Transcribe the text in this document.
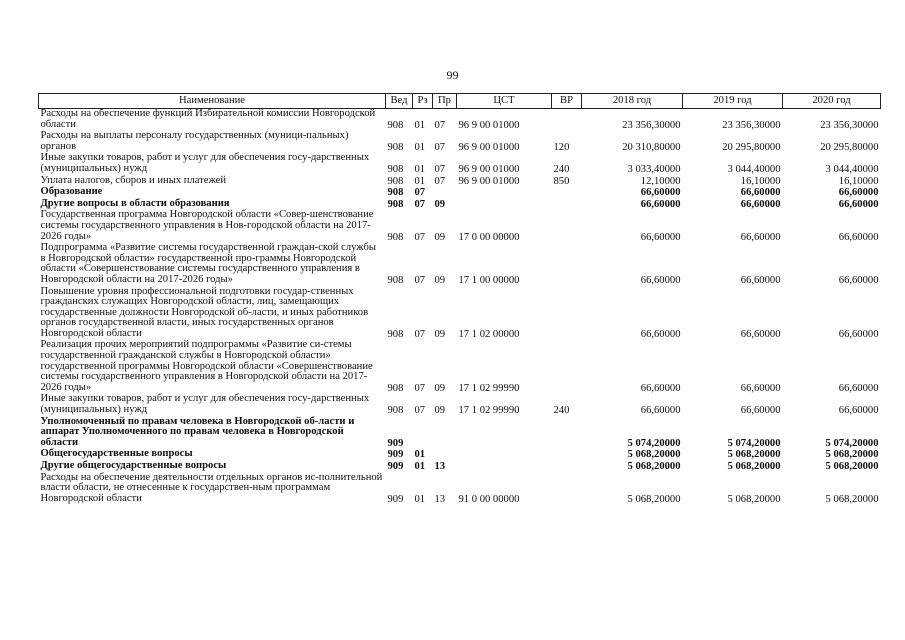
99
Наименование	Вед	Рз	Пр	ЦСТ	ВР	2018 год	2019 год	2020 год
Расходы на обеспечение функций Избирательной комиссии Новгородской области	908	01	07	96 9 00 01000		23 356,30000	23 356,30000	23 356,30000
Расходы на выплаты персоналу государственных (муници-пальных) органов	908	01	07	96 9 00 01000	120	20 310,80000	20 295,80000	20 295,80000
Иные закупки товаров, работ и услуг для обеспечения госу-дарственных (муниципальных) нужд	908	01	07	96 9 00 01000	240	3 033,40000	3 044,40000	3 044,40000
Уплата налогов, сборов и иных платежей	908	01	07	96 9 00 01000	850	12,10000	16,10000	16,10000
Образование	908	07				66,60000	66,60000	66,60000
Другие вопросы в области образования	908	07	09			66,60000	66,60000	66,60000
Государственная программа Новгородской области «Совер-шенствование системы государственного управления в Нов-городской области на 2017-2026 годы»	908	07	09	17 0 00 00000		66,60000	66,60000	66,60000
Подпрограмма «Развитие системы государственной граждан-ской службы в Новгородской области» государственной про-граммы Новгородской области «Совершенствование системы государственного управления в Новгородской области на 2017-2026 годы»	908	07	09	17 1 00 00000		66,60000	66,60000	66,60000
Повышение уровня профессиональной подготовки государ-ственных гражданских служащих Новгородской области, лиц, замещающих государственные должности Новгородской об-ласти, и иных работников органов государственной власти, иных государственных органов Новгородской области	908	07	09	17 1 02 00000		66,60000	66,60000	66,60000
Реализация прочих мероприятий подпрограммы «Развитие си-стемы государственной гражданской службы в Новгородской области» государственной программы Новгородской области «Совершенствование системы государственного управления в Новгородской области на 2017-2026 годы»	908	07	09	17 1 02 99990		66,60000	66,60000	66,60000
Иные закупки товаров, работ и услуг для обеспечения госу-дарственных (муниципальных) нужд	908	07	09	17 1 02 99990	240	66,60000	66,60000	66,60000
Уполномоченный по правам человека в Новгородской об-ласти и аппарат Уполномоченного по правам человека в Новгородской области	909					5 074,20000	5 074,20000	5 074,20000
Общегосударственные вопросы	909	01				5 068,20000	5 068,20000	5 068,20000
Другие общегосударственные вопросы	909	01	13			5 068,20000	5 068,20000	5 068,20000
Расходы на обеспечение деятельности отдельных органов ис-полнительной власти области, не отнесенные к государствен-ным программам Новгородской области	909	01	13	91 0 00 00000		5 068,20000	5 068,20000	5 068,20000
